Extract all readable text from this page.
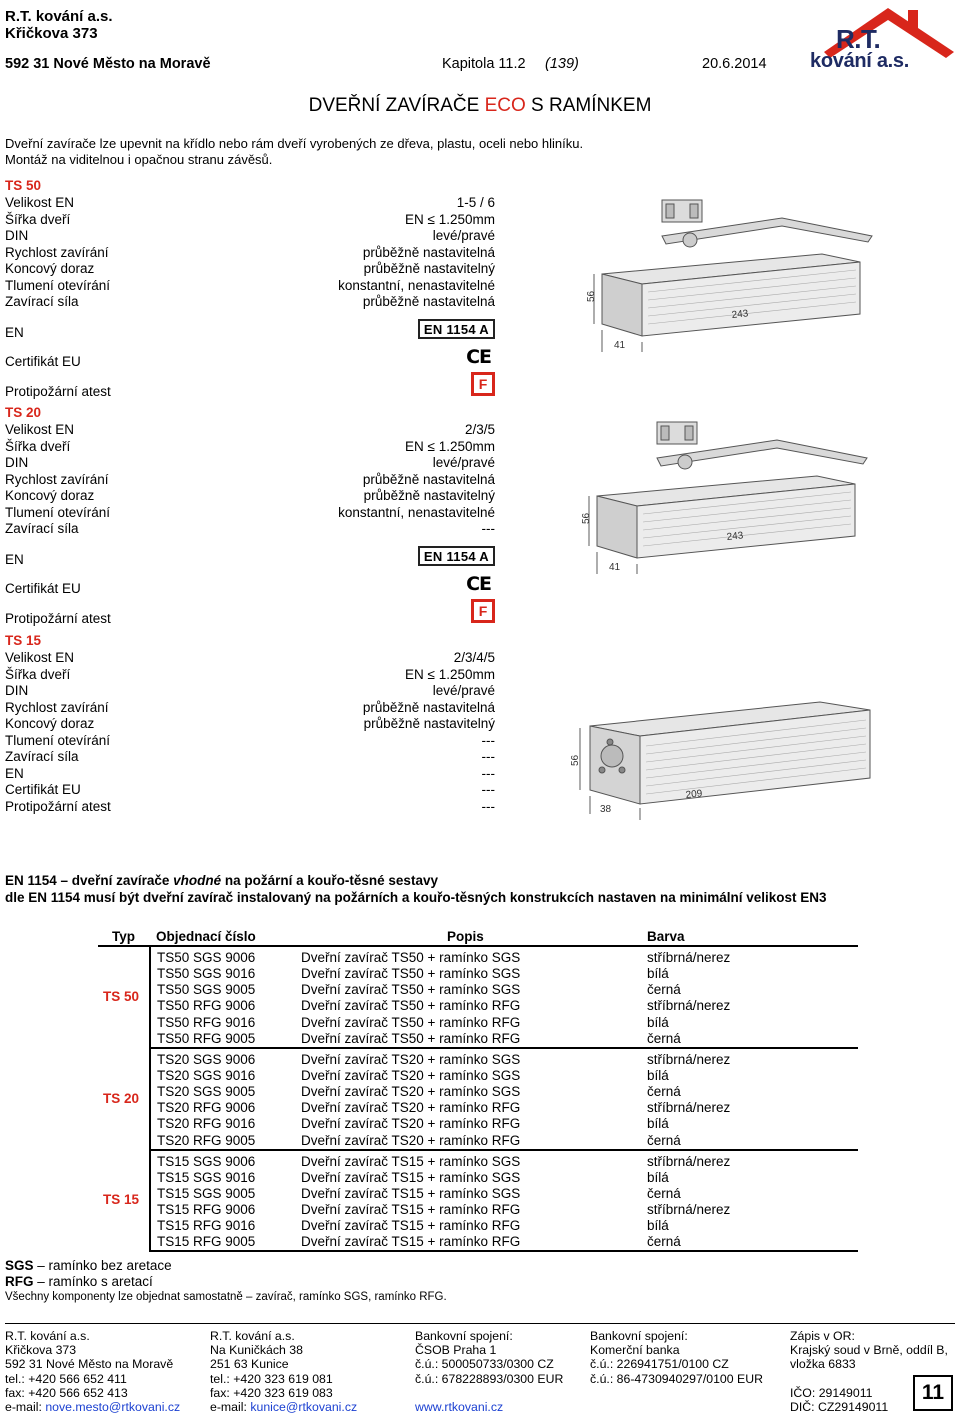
R.T. kování a.s.
Křičkova 373
592 31 Nové Město na Moravě	Kapitola 11.2 (139)	20.6.2014
R.T.
kování a.s.
DVEŘNÍ ZAVÍRAČE ECO S RAMÍNKEM
Dveřní zavírače lze upevnit na křídlo nebo rám dveří vyrobených ze dřeva, plastu, oceli nebo hliníku.
Montáž na viditelnou i opačnou stranu závěsů.
TS 50
Velikost EN	1-5 / 6
Šířka dveří	EN ≤ 1.250mm
DIN	levé/pravé
Rychlost zavírání	průběžně nastavitelná
Koncový doraz	průběžně nastavitelný
Tlumení otevírání	konstantní, nenastavitelné
Zavírací síla	průběžně nastavitelná
EN	EN 1154 A
Certifikát EU	CE
Protipožární atest	F
TS 20
Velikost EN	2/3/5
Šířka dveří	EN ≤ 1.250mm
DIN	levé/pravé
Rychlost zavírání	průběžně nastavitelná
Koncový doraz	průběžně nastavitelný
Tlumení otevírání	konstantní, nenastavitelné
Zavírací síla	---
EN	EN 1154 A
Certifikát EU	CE
Protipožární atest	F
TS 15
Velikost EN	2/3/4/5
Šířka dveří	EN ≤ 1.250mm
DIN	levé/pravé
Rychlost zavírání	průběžně nastavitelná
Koncový doraz	průběžně nastavitelný
Tlumení otevírání	---
Zavírací síla	---
EN	---
Certifikát EU	---
Protipožární atest	---
56
41
243
56
41
243
56
38
209
EN 1154 – dveřní zavírače vhodné na požární a kouřo-těsné sestavy
dle EN 1154 musí být dveřní zavírač instalovaný na požárních a kouřo-těsných konstrukcích nastaven na minimální velikost EN3
Typ	Objednací číslo	Popis	Barva
TS 50	TS50 SGS 9006	Dveřní zavírač TS50 + ramínko SGS	stříbrná/nerez
	TS50 SGS 9016	Dveřní zavírač TS50 + ramínko SGS	bílá
	TS50 SGS 9005	Dveřní zavírač TS50 + ramínko SGS	černá
	TS50 RFG 9006	Dveřní zavírač TS50 + ramínko RFG	stříbrná/nerez
	TS50 RFG 9016	Dveřní zavírač TS50 + ramínko RFG	bílá
	TS50 RFG 9005	Dveřní zavírač TS50 + ramínko RFG	černá
TS 20	TS20 SGS 9006	Dveřní zavírač TS20 + ramínko SGS	stříbrná/nerez
	TS20 SGS 9016	Dveřní zavírač TS20 + ramínko SGS	bílá
	TS20 SGS 9005	Dveřní zavírač TS20 + ramínko SGS	černá
	TS20 RFG 9006	Dveřní zavírač TS20 + ramínko RFG	stříbrná/nerez
	TS20 RFG 9016	Dveřní zavírač TS20 + ramínko RFG	bílá
	TS20 RFG 9005	Dveřní zavírač TS20 + ramínko RFG	černá
TS 15	TS15 SGS 9006	Dveřní zavírač TS15 + ramínko SGS	stříbrná/nerez
	TS15 SGS 9016	Dveřní zavírač TS15 + ramínko SGS	bílá
	TS15 SGS 9005	Dveřní zavírač TS15 + ramínko SGS	černá
	TS15 RFG 9006	Dveřní zavírač TS15 + ramínko RFG	stříbrná/nerez
	TS15 RFG 9016	Dveřní zavírač TS15 + ramínko RFG	bílá
	TS15 RFG 9005	Dveřní zavírač TS15 + ramínko RFG	černá
SGS – ramínko bez aretace
RFG – ramínko s aretací
Všechny komponenty lze objednat samostatně – zavírač, ramínko SGS, ramínko RFG.
R.T. kování a.s.
Křičkova 373
592 31 Nové Město na Moravě
tel.: +420 566 652 411
fax: +420 566 652 413
e-mail: nove.mesto@rtkovani.cz
R.T. kování a.s.
Na Kuničkách 38
251 63 Kunice
tel.: +420 323 619 081
fax: +420 323 619 083
e-mail: kunice@rtkovani.cz
Bankovní spojení:
ČSOB Praha 1
č.ú.: 500050733/0300 CZ
č.ú.: 678228893/0300 EUR

www.rtkovani.cz
Bankovní spojení:
Komerční banka
č.ú.: 226941751/0100 CZ
č.ú.: 86-4730940297/0100 EUR
Zápis v OR:
Krajský soud v Brně, oddíl B,
vložka 6833

IČO: 29149011
DIČ: CZ29149011
11
